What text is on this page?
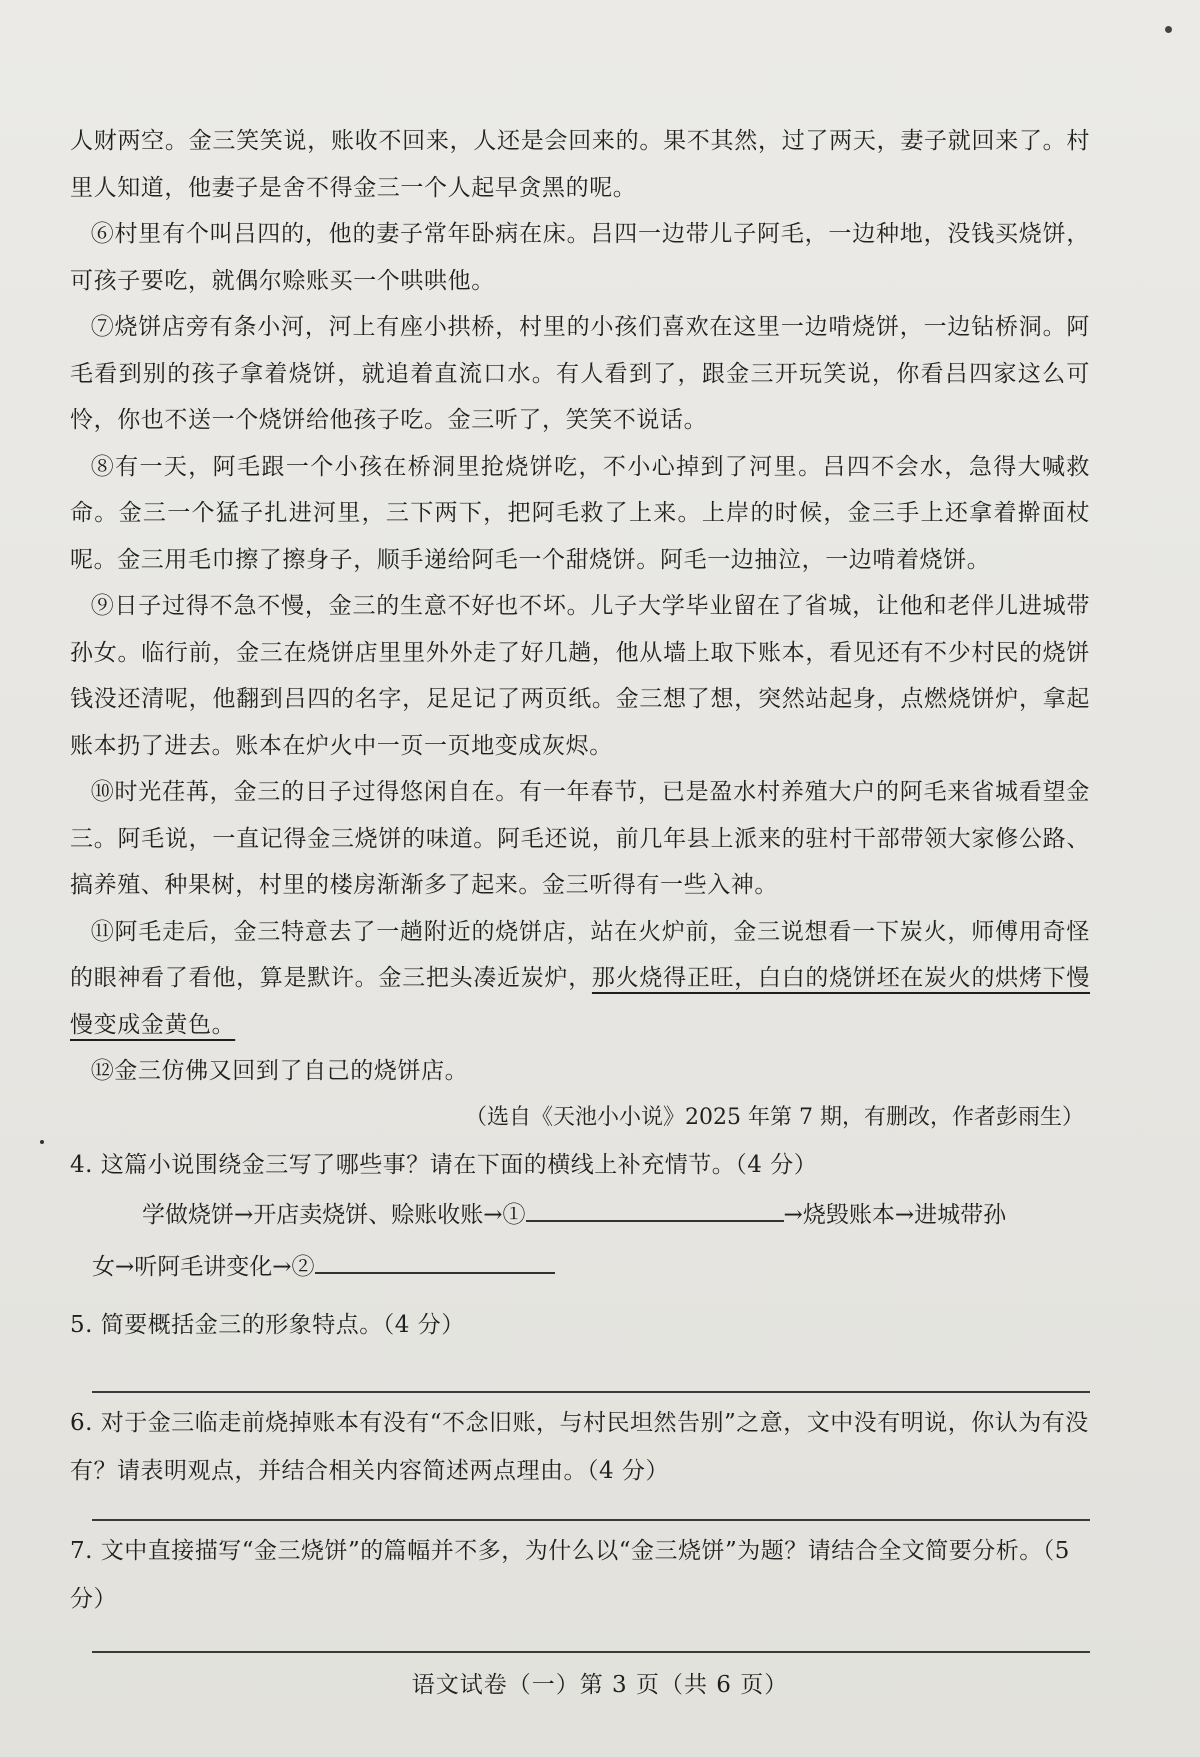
人财两空。金三笑笑说，账收不回来，人还是会回来的。果不其然，过了两天，妻子就回来了。村里人知道，他妻子是舍不得金三一个人起早贪黑的呢。

⑥村里有个叫吕四的，他的妻子常年卧病在床。吕四一边带儿子阿毛，一边种地，没钱买烧饼，可孩子要吃，就偶尔赊账买一个哄哄他。

⑦烧饼店旁有条小河，河上有座小拱桥，村里的小孩们喜欢在这里一边啃烧饼，一边钻桥洞。阿毛看到别的孩子拿着烧饼，就追着直流口水。有人看到了，跟金三开玩笑说，你看吕四家这么可怜，你也不送一个烧饼给他孩子吃。金三听了，笑笑不说话。

⑧有一天，阿毛跟一个小孩在桥洞里抢烧饼吃，不小心掉到了河里。吕四不会水，急得大喊救命。金三一个猛子扎进河里，三下两下，把阿毛救了上来。上岸的时候，金三手上还拿着擀面杖呢。金三用毛巾擦了擦身子，顺手递给阿毛一个甜烧饼。阿毛一边抽泣，一边啃着烧饼。

⑨日子过得不急不慢，金三的生意不好也不坏。儿子大学毕业留在了省城，让他和老伴儿进城带孙女。临行前，金三在烧饼店里里外外走了好几趟，他从墙上取下账本，看见还有不少村民的烧饼钱没还清呢，他翻到吕四的名字，足足记了两页纸。金三想了想，突然站起身，点燃烧饼炉，拿起账本扔了进去。账本在炉火中一页一页地变成灰烬。

⑩时光荏苒，金三的日子过得悠闲自在。有一年春节，已是盈水村养殖大户的阿毛来省城看望金三。阿毛说，一直记得金三烧饼的味道。阿毛还说，前几年县上派来的驻村干部带领大家修公路、搞养殖、种果树，村里的楼房渐渐多了起来。金三听得有一些入神。

⑪阿毛走后，金三特意去了一趟附近的烧饼店，站在火炉前，金三说想看一下炭火，师傅用奇怪的眼神看了看他，算是默许。金三把头凑近炭炉，那火烧得正旺，白白的烧饼坯在炭火的烘烤下慢慢变成金黄色。

⑫金三仿佛又回到了自己的烧饼店。

（选自《天池小小说》2025 年第 7 期，有删改，作者彭雨生）

4. 这篇小说围绕金三写了哪些事？请在下面的横线上补充情节。（4 分）

学做烧饼→开店卖烧饼、赊账收账→①	→烧毁账本→进城带孙

女→听阿毛讲变化→②

5. 简要概括金三的形象特点。（4 分）

6. 对于金三临走前烧掉账本有没有“不念旧账，与村民坦然告别”之意，文中没有明说，你认为有没有？请表明观点，并结合相关内容简述两点理由。（4 分）

7. 文中直接描写“金三烧饼”的篇幅并不多，为什么以“金三烧饼”为题？请结合全文简要分析。（5 分）

语文试卷（一）第 3 页（共 6 页）
